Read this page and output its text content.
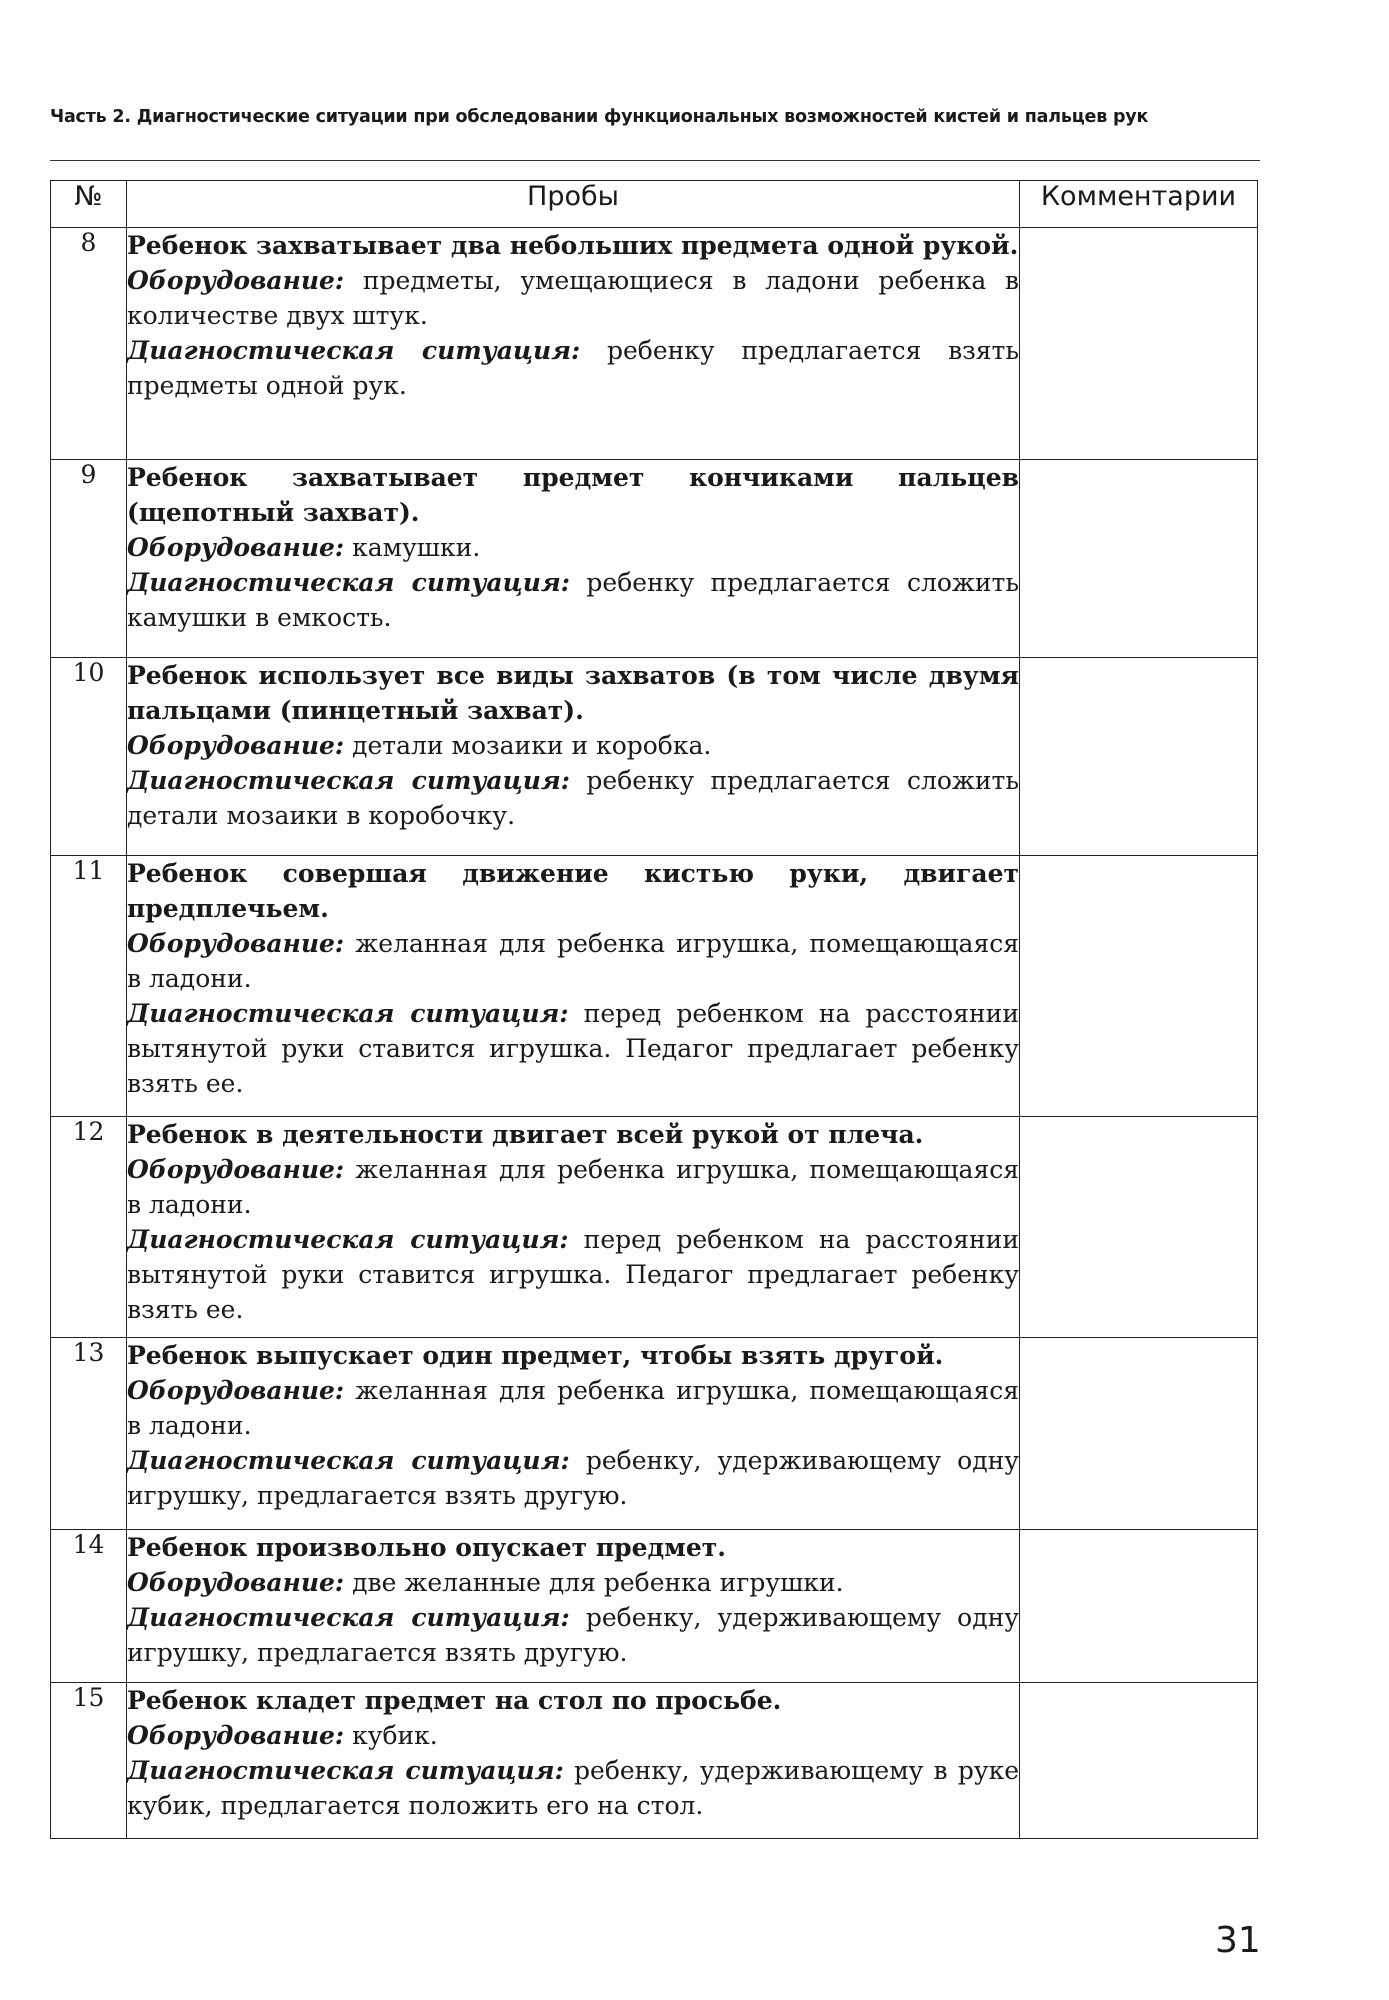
Часть 2. Диагностические ситуации при обследовании функциональных возможностей кистей и пальцев рук
№	Пробы	Комментарии
8	Ребенок захватывает два небольших предмета одной рукой.
Оборудование: предметы, умещающиеся в ладони ребенка в количестве двух штук.
Диагностическая ситуация: ребенку предлагается взять предметы одной рук.	

9	Ребенок захватывает предмет кончиками пальцев (щепотный захват).
Оборудование: камушки.
Диагностическая ситуация: ребенку предлагается сложить камушки в емкость.	

10	Ребенок использует все виды захватов (в том числе двумя пальцами (пинцетный захват).
Оборудование: детали мозаики и коробка.
Диагностическая ситуация: ребенку предлагается сложить детали мозаики в коробочку.	

11	Ребенок совершая движение кистью руки, двигает предплечьем.
Оборудование: желанная для ребенка игрушка, помещающаяся в ладони.
Диагностическая ситуация: перед ребенком на расстоянии вытянутой руки ставится игрушка. Педагог предлагает ребенку взять ее.	

12	Ребенок в деятельности двигает всей рукой от плеча.
Оборудование: желанная для ребенка игрушка, помещающаяся в ладони.
Диагностическая ситуация: перед ребенком на расстоянии вытянутой руки ставится игрушка. Педагог предлагает ребенку взять ее.	

13	Ребенок выпускает один предмет, чтобы взять другой.
Оборудование: желанная для ребенка игрушка, помещающаяся в ладони.
Диагностическая ситуация: ребенку, удерживающему одну игрушку, предлагается взять другую.	

14	Ребенок произвольно опускает предмет.
Оборудование: две желанные для ребенка игрушки.
Диагностическая ситуация: ребенку, удерживающему одну игрушку, предлагается взять другую.	

15	Ребенок кладет предмет на стол по просьбе.
Оборудование: кубик.
Диагностическая ситуация: ребенку, удерживающему в руке кубик, предлагается положить его на стол.	

31
